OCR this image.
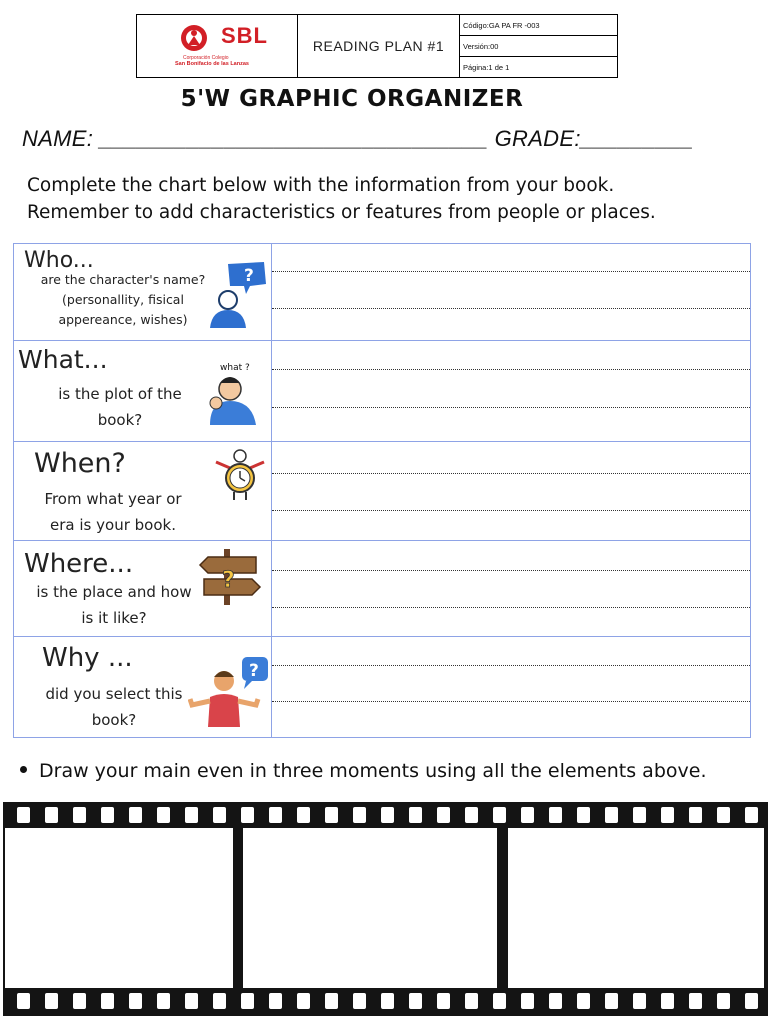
SBL
Corporación Colegio
San Bonifacio de las Lanzas
READING PLAN #1
Código:GA PA FR -003
Versión:00
Página:1 de 1
5'W GRAPHIC ORGANIZER
NAME: _______________________________ GRADE:_________
Complete the chart below with the information from your book.
Remember to add characteristics or features from people or places.
Who...
are the character's name?
(personallity, fisical
appereance, wishes)
?	

What...
is the plot of the
book?
what ?	

When?
From what year or
era is your book.	

Where...
is the place and how
is it like?
?	

Why ...
did you select this
book?
?	

Draw your main even in three moments using all the elements above.
